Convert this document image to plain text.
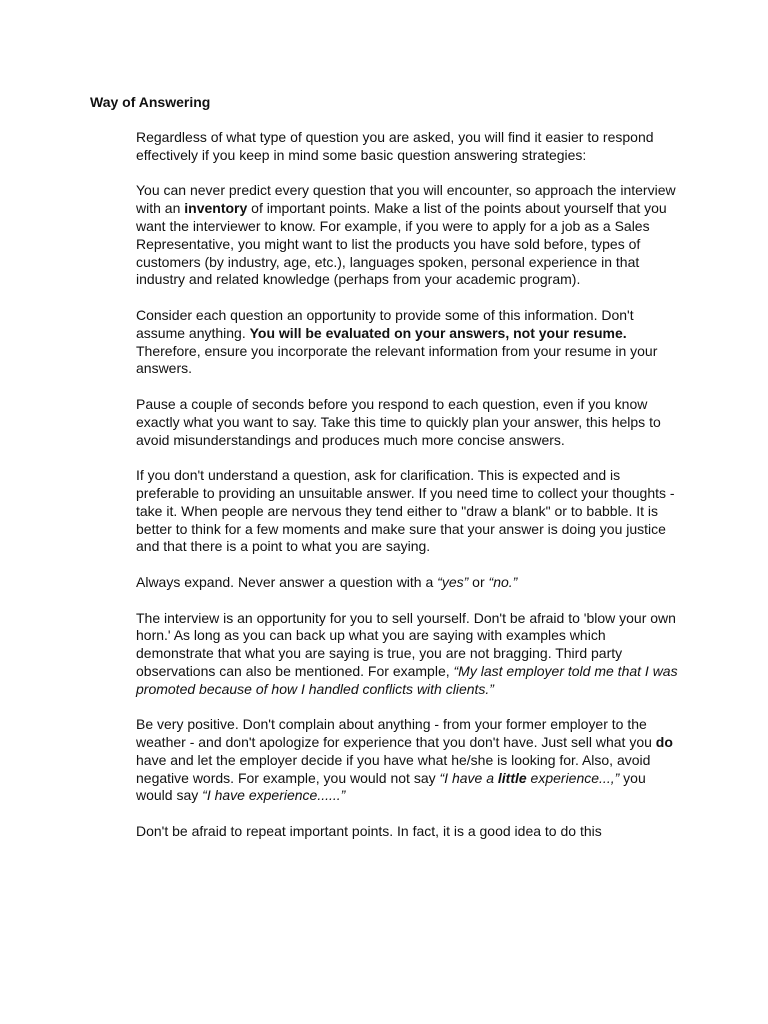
Way of Answering

Regardless of what type of question you are asked, you will find it easier to respond effectively if you keep in mind some basic question answering strategies:

You can never predict every question that you will encounter, so approach the interview with an inventory of important points. Make a list of the points about yourself that you want the interviewer to know. For example, if you were to apply for a job as a Sales Representative, you might want to list the products you have sold before, types of customers (by industry, age, etc.), languages spoken, personal experience in that industry and related knowledge (perhaps from your academic program).

Consider each question an opportunity to provide some of this information. Don't assume anything. You will be evaluated on your answers, not your resume. Therefore, ensure you incorporate the relevant information from your resume in your answers.

Pause a couple of seconds before you respond to each question, even if you know exactly what you want to say. Take this time to quickly plan your answer, this helps to avoid misunderstandings and produces much more concise answers.

If you don't understand a question, ask for clarification. This is expected and is preferable to providing an unsuitable answer. If you need time to collect your thoughts - take it. When people are nervous they tend either to "draw a blank" or to babble. It is better to think for a few moments and make sure that your answer is doing you justice and that there is a point to what you are saying.

Always expand. Never answer a question with a “yes” or “no.”

The interview is an opportunity for you to sell yourself. Don't be afraid to 'blow your own horn.' As long as you can back up what you are saying with examples which demonstrate that what you are saying is true, you are not bragging. Third party observations can also be mentioned. For example, “My last employer told me that I was promoted because of how I handled conflicts with clients.”

Be very positive. Don't complain about anything - from your former employer to the weather - and don't apologize for experience that you don't have. Just sell what you do have and let the employer decide if you have what he/she is looking for. Also, avoid negative words. For example, you would not say “I have a little experience...,” you would say “I have experience......”

Don't be afraid to repeat important points. In fact, it is a good idea to do this
